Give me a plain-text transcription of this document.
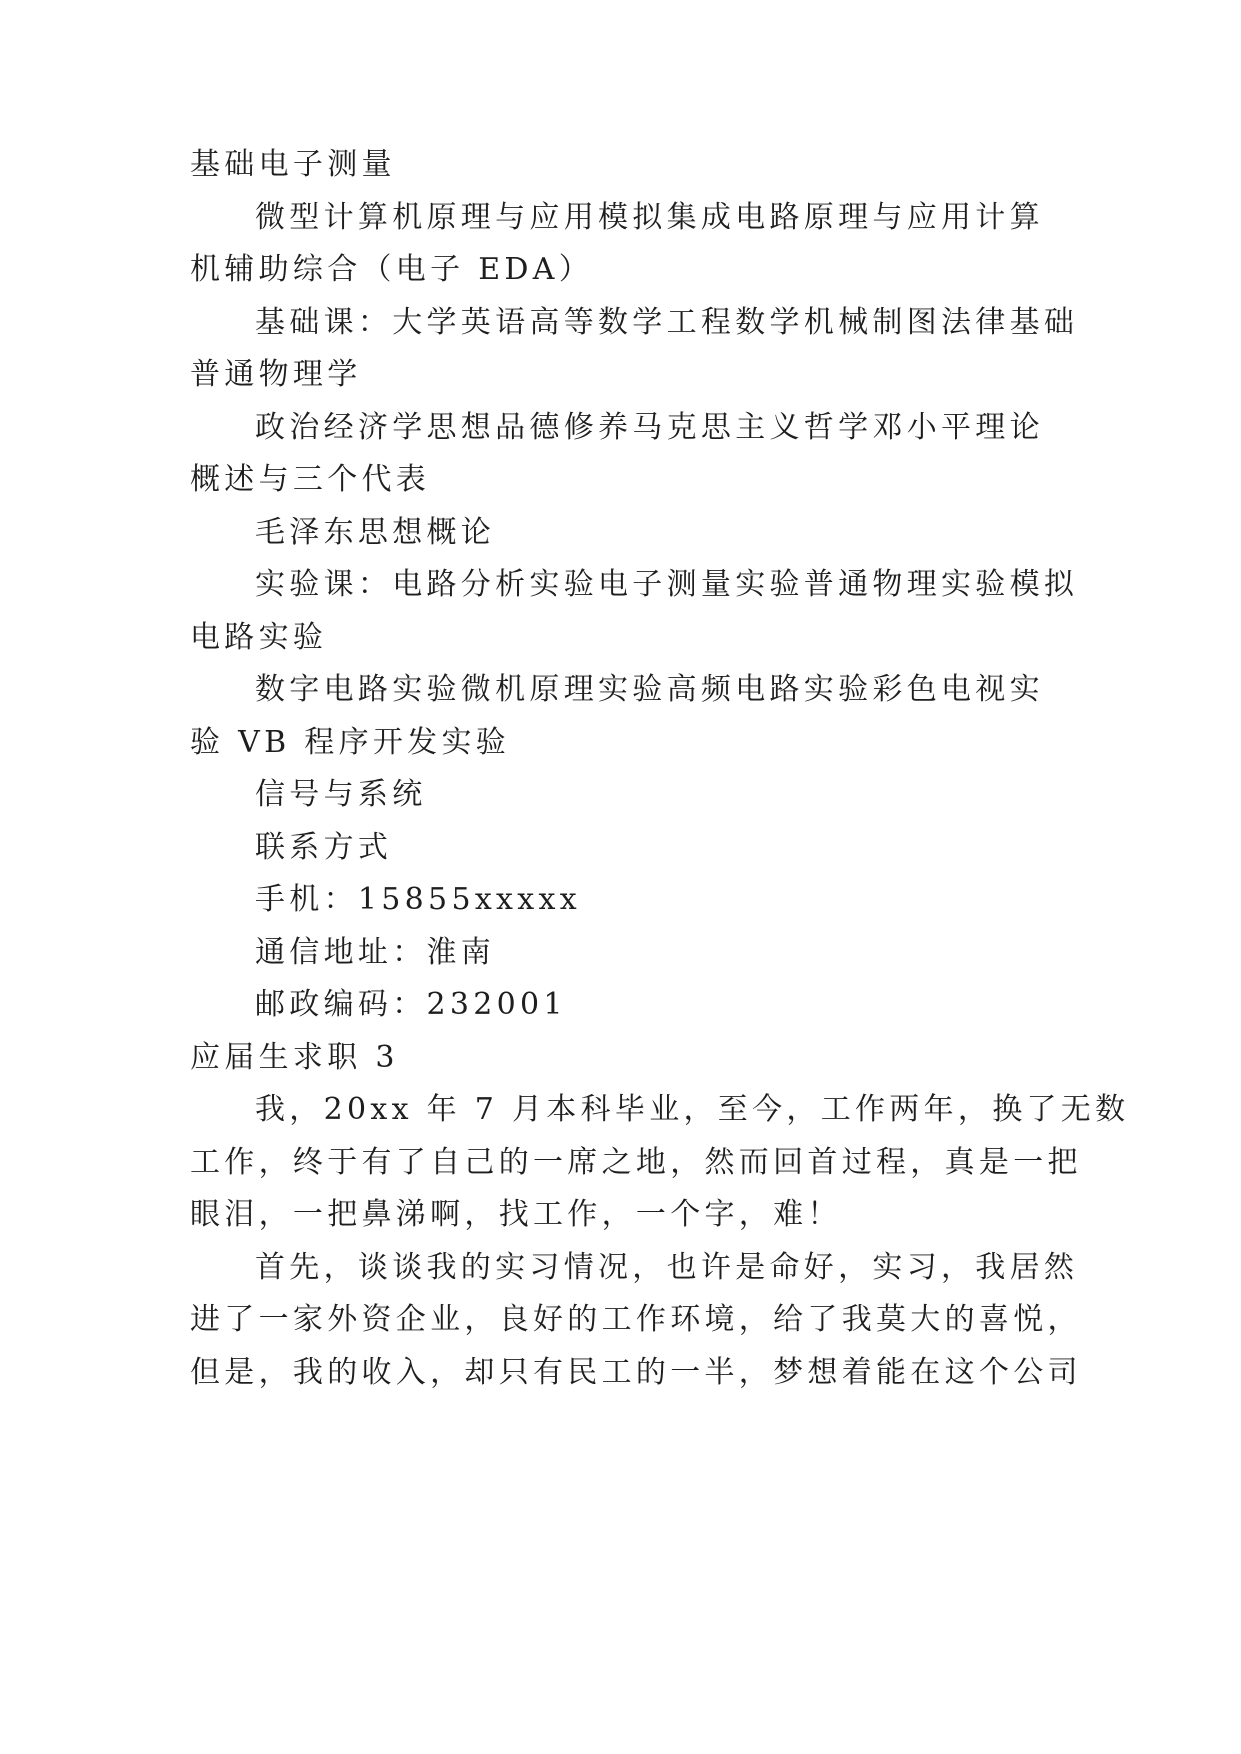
基础电子测量
微型计算机原理与应用模拟集成电路原理与应用计算
机辅助综合（电子 EDA）
基础课：大学英语高等数学工程数学机械制图法律基础
普通物理学
政治经济学思想品德修养马克思主义哲学邓小平理论
概述与三个代表
毛泽东思想概论
实验课：电路分析实验电子测量实验普通物理实验模拟
电路实验
数字电路实验微机原理实验高频电路实验彩色电视实
验 VB 程序开发实验
信号与系统
联系方式
手机：15855xxxxx
通信地址：淮南
邮政编码：232001
应届生求职 3
我，20xx 年 7 月本科毕业，至今，工作两年，换了无数
工作，终于有了自己的一席之地，然而回首过程，真是一把
眼泪，一把鼻涕啊，找工作，一个字，难！
首先，谈谈我的实习情况，也许是命好，实习，我居然
进了一家外资企业，良好的工作环境，给了我莫大的喜悦，
但是，我的收入，却只有民工的一半，梦想着能在这个公司
